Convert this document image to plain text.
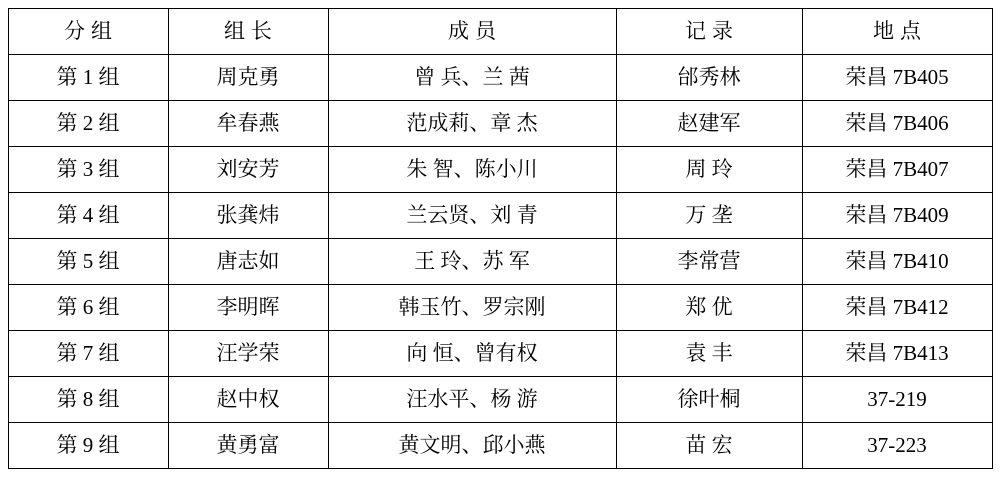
分组	组长	成员	记录	地点
第 1 组	周克勇	曾 兵、兰 茜	邰秀林	荣昌 7B405
第 2 组	牟春燕	范成莉、章 杰	赵建军	荣昌 7B406
第 3 组	刘安芳	朱 智、陈小川	周 玲	荣昌 7B407
第 4 组	张龚炜	兰云贤、刘 青	万 垄	荣昌 7B409
第 5 组	唐志如	王 玲、苏 军	李常营	荣昌 7B410
第 6 组	李明晖	韩玉竹、罗宗刚	郑 优	荣昌 7B412
第 7 组	汪学荣	向 恒、曾有权	袁 丰	荣昌 7B413
第 8 组	赵中权	汪水平、杨 游	徐叶桐	37-219
第 9 组	黄勇富	黄文明、邱小燕	苗 宏	37-223
